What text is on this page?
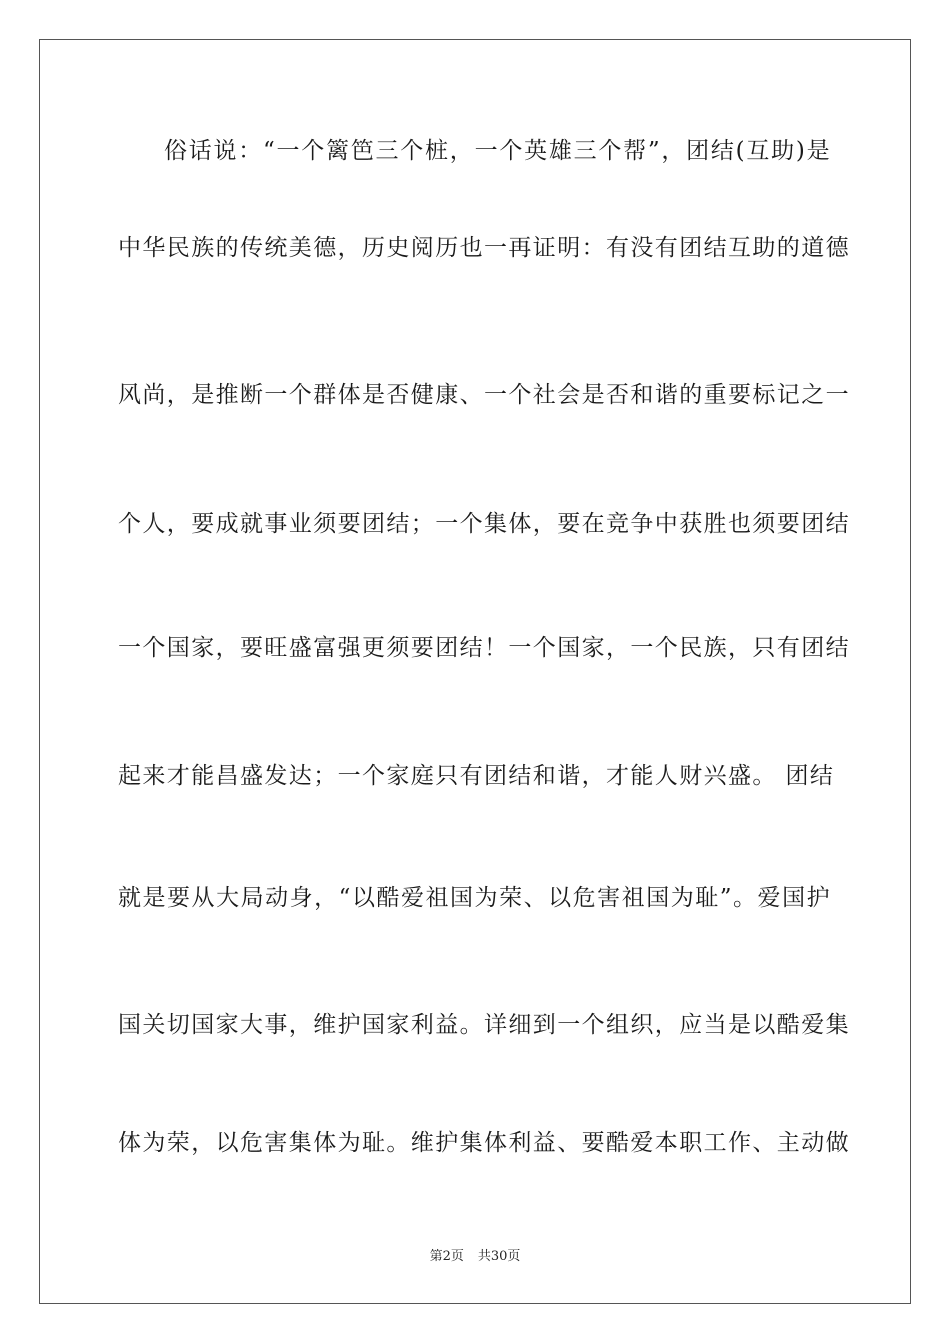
俗话说：“一个篱笆三个桩，一个英雄三个帮”，团结(互助)是
中华民族的传统美德，历史阅历也一再证明：有没有团结互助的道德
风尚，是推断一个群体是否健康、一个社会是否和谐的重要标记之一
个人，要成就事业须要团结；一个集体，要在竞争中获胜也须要团结
一个国家，要旺盛富强更须要团结！一个国家，一个民族，只有团结
起来才能昌盛发达；一个家庭只有团结和谐，才能人财兴盛。 团结
就是要从大局动身，“以酷爱祖国为荣、以危害祖国为耻”。爱国护
国关切国家大事，维护国家利益。详细到一个组织，应当是以酷爱集
体为荣，以危害集体为耻。维护集体利益、要酷爱本职工作、主动做
第2页 共30页
